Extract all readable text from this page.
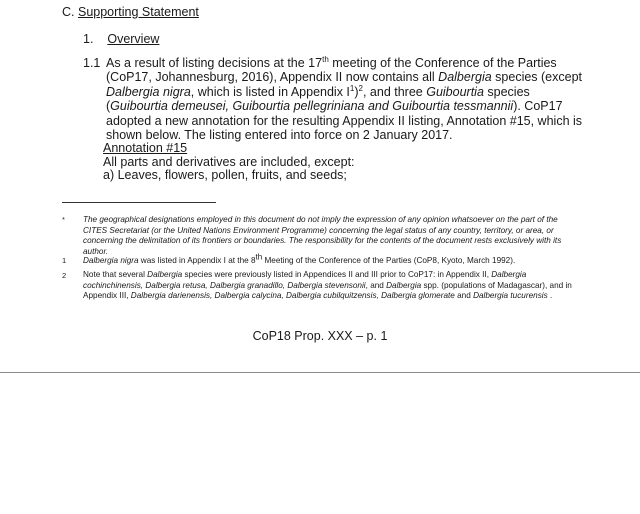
C. Supporting Statement
1. Overview
1.1 As a result of listing decisions at the 17th meeting of the Conference of the Parties (CoP17, Johannesburg, 2016), Appendix II now contains all Dalbergia species (except Dalbergia nigra, which is listed in Appendix $I^1)^2$, and three Guibourtia species (Guibourtia demeusei, Guibourtia pellegriniana and Guibourtia tessmannii). CoP17 adopted a new annotation for the resulting Appendix II listing, Annotation #15, which is shown below. The listing entered into force on 2 January 2017.
Annotation #15
All parts and derivatives are included, except:
a) Leaves, flowers, pollen, fruits, and seeds;
* The geographical designations employed in this document do not imply the expression of any opinion whatsoever on the part of the CITES Secretariat (or the United Nations Environment Programme) concerning the legal status of any country, territory, or area, or concerning the delimitation of its frontiers or boundaries. The responsibility for the contents of the document rests exclusively with its author.
1 Dalbergia nigra was listed in Appendix I at the 8th Meeting of the Conference of the Parties (CoP8, Kyoto, March 1992).
2 Note that several Dalbergia species were previously listed in Appendices II and III prior to CoP17: in Appendix II, Dalbergia cochinchinensis, Dalbergia retusa, Dalbergia granadillo, Dalbergia stevensonii, and Dalbergia spp. (populations of Madagascar), and in Appendix III, Dalbergia darienensis, Dalbergia calycina, Dalbergia cubilquitzensis, Dalbergia glomerate and Dalbergia tucurensis .
CoP18 Prop. XXX – p. 1
